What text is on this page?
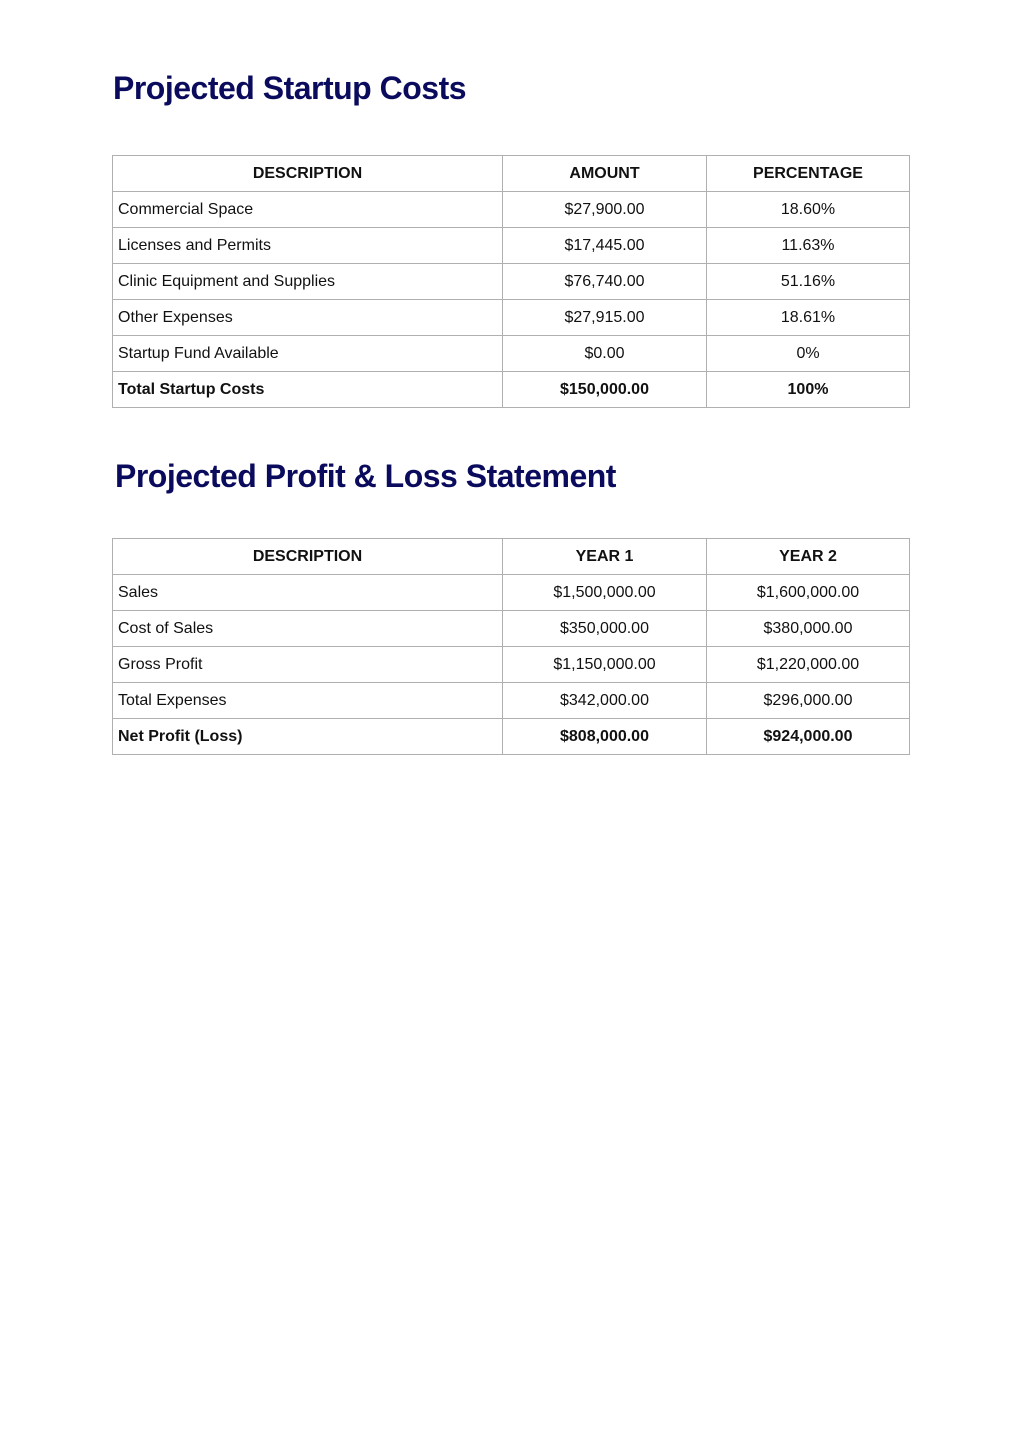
Projected Startup Costs
DESCRIPTION	AMOUNT	PERCENTAGE
Commercial Space	$27,900.00	18.60%
Licenses and Permits	$17,445.00	11.63%
Clinic Equipment and Supplies	$76,740.00	51.16%
Other Expenses	$27,915.00	18.61%
Startup Fund Available	$0.00	0%
Total Startup Costs	$150,000.00	100%
Projected Profit & Loss Statement
DESCRIPTION	YEAR 1	YEAR 2
Sales	$1,500,000.00	$1,600,000.00
Cost of Sales	$350,000.00	$380,000.00
Gross Profit	$1,150,000.00	$1,220,000.00
Total Expenses	$342,000.00	$296,000.00
Net Profit (Loss)	$808,000.00	$924,000.00
